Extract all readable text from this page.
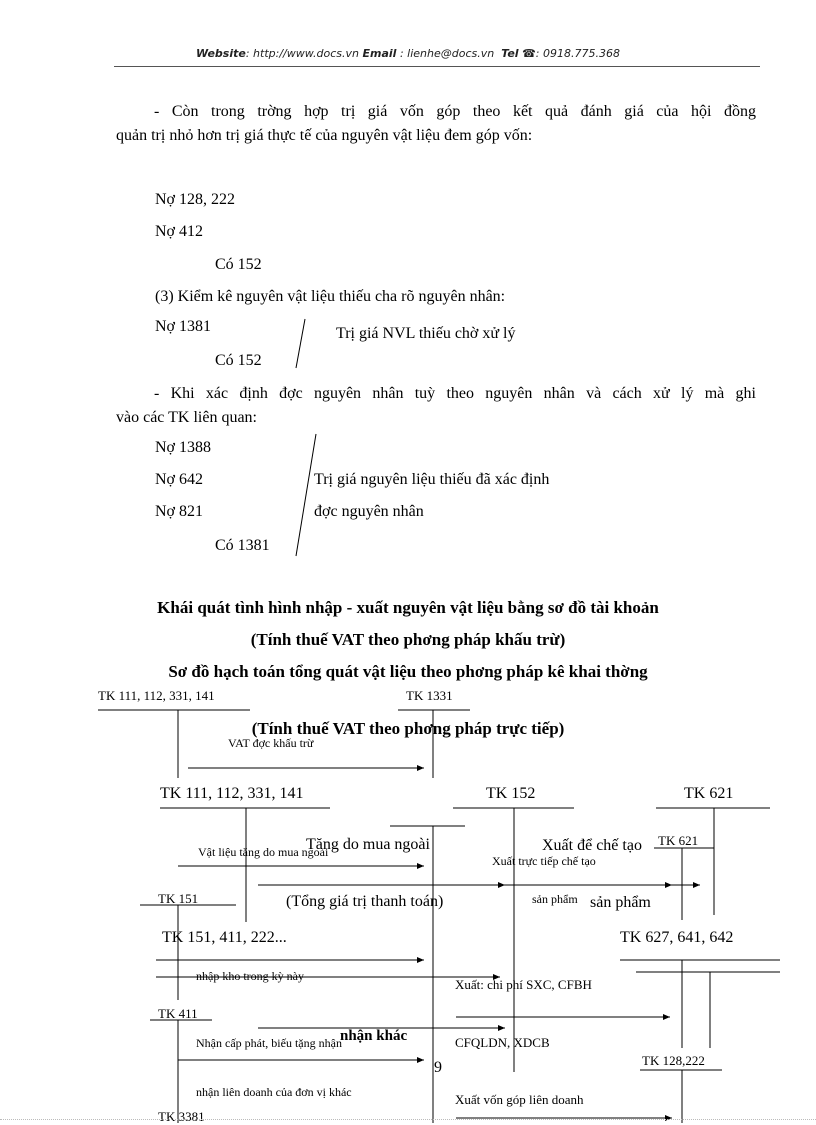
Website: http://www.docs.vn Email : lienhe@docs.vn Tel ☎: 0918.775.368
- Còn trong trờng hợp trị giá vốn góp theo kết quả đánh giá của hội đồng
quản trị nhỏ hơn trị giá thực tế của nguyên vật liệu đem góp vốn:
Nợ 128, 222
Nợ 412
Có 152
(3) Kiểm kê nguyên vật liệu thiếu cha rõ nguyên nhân:
Nợ 1381
Có 152
Trị giá NVL thiếu chờ xử lý
- Khi xác định đợc nguyên nhân tuỳ theo nguyên nhân và cách xử lý mà ghi
vào các TK liên quan:
Nợ 1388
Nợ 642
Nợ 821
Có 1381
Trị giá nguyên liệu thiếu đã xác định
đợc nguyên nhân
Khái quát tình hình nhập - xuất nguyên vật liệu bằng sơ đồ tài khoản
(Tính thuế VAT theo phơng pháp khấu trừ)
Sơ đồ hạch toán tổng quát vật liệu theo phơng pháp kê khai thờng
(Tính thuế VAT theo phơng pháp trực tiếp)
TK 111, 112, 331, 141	TK 1331
VAT đợc khấu trừ
TK 111, 112, 331, 141	TK 152	TK 621
Vật liệu tăng do mua ngoài
Tăng do mua ngoài	Xuất để chế tạo TK 621
Xuất trực tiếp chế tạo
sản phẩm sản phẩm
TK 151	(Tổng giá trị thanh toán)
TK 151, 411, 222...	TK 627, 641, 642
nhập kho trong kỳ này
Xuất: chi phí SXC, CFBH
TK 411
Nhận cấp phát, biếu tặng nhận
nhận khác	CFQLDN, XDCB
TK 128,222
9
nhận liên doanh của đơn vị khác	Xuất vốn góp liên doanh
TK 3381
